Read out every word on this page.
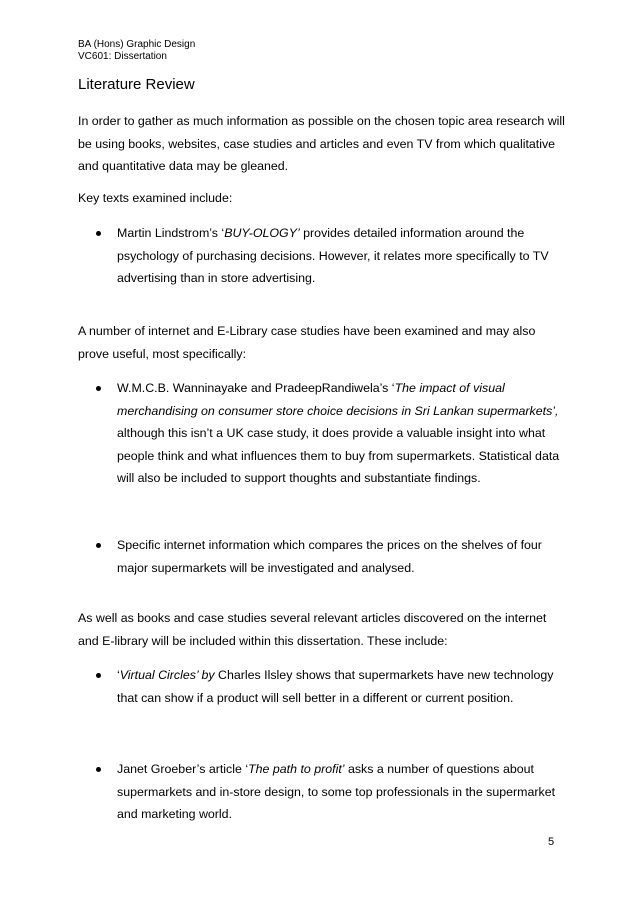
BA (Hons) Graphic Design
VC601: Dissertation
Literature Review

In order to gather as much information as possible on the chosen topic area research will be using books, websites, case studies and articles and even TV from which qualitative and quantitative data may be gleaned.

Key texts examined include:

Martin Lindstrom’s ‘BUY-OLOGY’ provides detailed information around the psychology of purchasing decisions. However, it relates more specifically to TV advertising than in store advertising.

A number of internet and E-Library case studies have been examined and may also prove useful, most specifically:

W.M.C.B. Wanninayake and PradeepRandiwela’s ‘The impact of visual merchandising on consumer store choice decisions in Sri Lankan supermarkets’, although this isn’t a UK case study, it does provide a valuable insight into what people think and what influences them to buy from supermarkets. Statistical data will also be included to support thoughts and substantiate findings.

Specific internet information which compares the prices on the shelves of four major supermarkets will be investigated and analysed.

As well as books and case studies several relevant articles discovered on the internet and E-library will be included within this dissertation. These include:

‘Virtual Circles’ by Charles Ilsley shows that supermarkets have new technology that can show if a product will sell better in a different or current position.

Janet Groeber’s article ‘The path to profit’ asks a number of questions about supermarkets and in-store design, to some top professionals in the supermarket and marketing world.

5
